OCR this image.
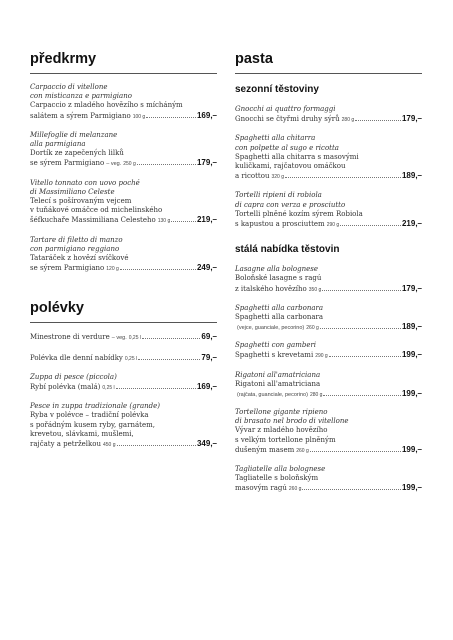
předkrmy
Carpaccio di vitellone
con misticanza e parmigiano
Carpaccio z mladého hovězího s mícháným
salátem a sýrem Parmigiano 100 g	169,–
Millefoglie di melanzane
alla parmigiana
Dortík ze zapečených lilků
se sýrem Parmigiano – veg. 250 g	179,–
Vitello tonnato con uovo poché
di Massimiliano Celeste
Telecí s pošírovaným vejcem
v tuňákové omáčce od michelinského
šéfkuchaře Massimiliana Celesteho 130 g	219,–
Tartare di filetto di manzo
con parmigiano reggiano
Tataráček z hovězí svíčkové
se sýrem Parmigiano 120 g	249,–
polévky
Minestrone di verdure – veg. 0,25 l	69,–
Polévka dle denní nabídky 0,25 l	79,–
Zuppa di pesce (piccola)
Rybí polévka (malá) 0,25 l	169,–
Pesce in zuppa tradizionale (grande)
Ryba v polévce – tradiční polévka
s pořádným kusem ryby, garnátem,
krevetou, slávkami, mušlemi,
rajčaty a petrželkou 450 g	349,–
pasta
sezonní těstoviny
Gnocchi ai quattro formaggi
Gnocchi se čtyřmi druhy sýrů 280 g	179,–
Spaghetti alla chitarra
con polpette al sugo e ricotta
Spaghetti alla chitarra s masovými
kuličkami, rajčatovou omáčkou
a ricottou 320 g	189,–
Tortelli ripieni di robiola
di capra con verza e prosciutto
Tortelli plněné kozím sýrem Robiola
s kapustou a prosciuttem 290 g	219,–
stálá nabídka těstovin
Lasagne alla bolognese
Boloňské lasagne s ragú
z italského hovězího 350 g	179,–
Spaghetti alla carbonara
Spaghetti alla carbonara
(vejce, guanciale, pecorino) 260 g	189,–
Spaghetti con gamberi
Spaghetti s krevetami 290 g	199,–
Rigatoni all'amatriciana
Rigatoni all'amatriciana
(rajčata, guanciale, pecorino) 280 g	199,–
Tortellone gigante ripieno
di brasato nel brodo di vitellone
Vývar z mladého hovězího
s velkým tortellone plněným
dušeným masem 260 g	199,–
Tagliatelle alla bolognese
Tagliatelle s boloňským
masovým ragú 260 g	199,–
